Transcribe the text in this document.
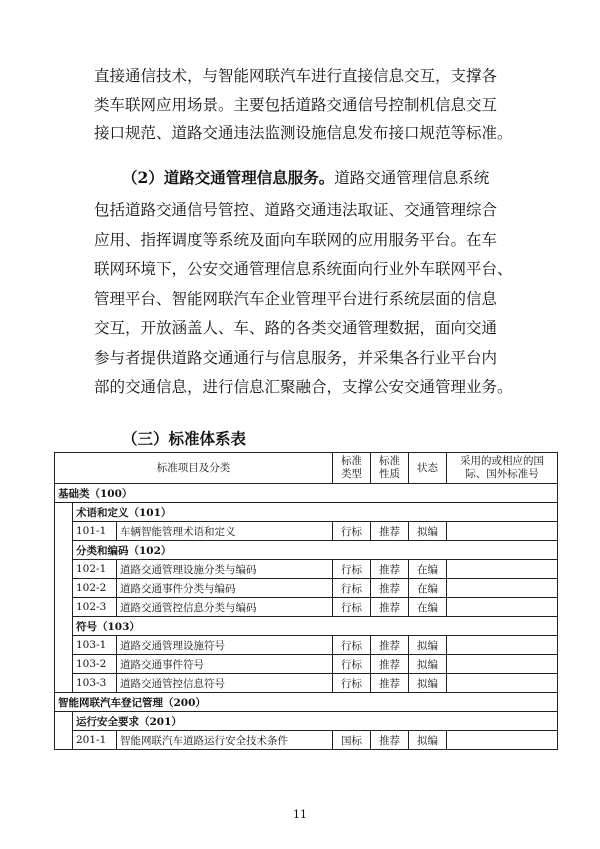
直接通信技术，与智能网联汽车进行直接信息交互，支撑各
类车联网应用场景。主要包括道路交通信号控制机信息交互
接口规范、道路交通违法监测设施信息发布接口规范等标准。
（2）道路交通管理信息服务。道路交通管理信息系统
包括道路交通信号管控、道路交通违法取证、交通管理综合
应用、指挥调度等系统及面向车联网的应用服务平台。在车
联网环境下，公安交通管理信息系统面向行业外车联网平台、
管理平台、智能网联汽车企业管理平台进行系统层面的信息
交互，开放涵盖人、车、路的各类交通管理数据，面向交通
参与者提供道路交通通行与信息服务，并采集各行业平台内
部的交通信息，进行信息汇聚融合，支撑公安交通管理业务。
（三）标准体系表
标准项目及分类			标准类型	标准性质	状态	采用的或相应的国际、国外标准号
基础类（100）						
	术语和定义（101）					
	101-1	车辆智能管理术语和定义	行标	推荐	拟编	
	分类和编码（102）					
	102-1	道路交通管理设施分类与编码	行标	推荐	在编	
	102-2	道路交通事件分类与编码	行标	推荐	在编	
	102-3	道路交通管控信息分类与编码	行标	推荐	在编	
	符号（103）					
	103-1	道路交通管理设施符号	行标	推荐	拟编	
	103-2	道路交通事件符号	行标	推荐	拟编	
	103-3	道路交通管控信息符号	行标	推荐	拟编	
智能网联汽车登记管理（200）						
	运行安全要求（201）					
	201-1	智能网联汽车道路运行安全技术条件	国标	推荐	拟编	
11
